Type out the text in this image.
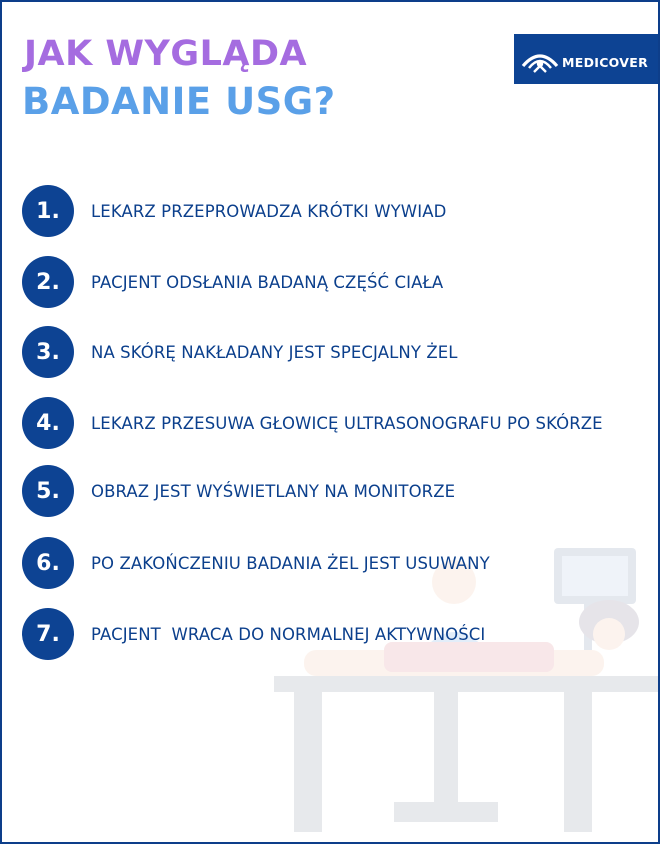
JAK WYGLĄDA
BADANIE USG?
MEDICOVER
1.	LEKARZ PRZEPROWADZA KRÓTKI WYWIAD
2.	PACJENT ODSŁANIA BADANĄ CZĘŚĆ CIAŁA
3.	NA SKÓRĘ NAKŁADANY JEST SPECJALNY ŻEL
4.	LEKARZ PRZESUWA GŁOWICĘ ULTRASONOGRAFU PO SKÓRZE
5.	OBRAZ JEST WYŚWIETLANY NA MONITORZE
6.	PO ZAKOŃCZENIU BADANIA ŻEL JEST USUWANY
7.	PACJENT  WRACA DO NORMALNEJ AKTYWNOŚCI
